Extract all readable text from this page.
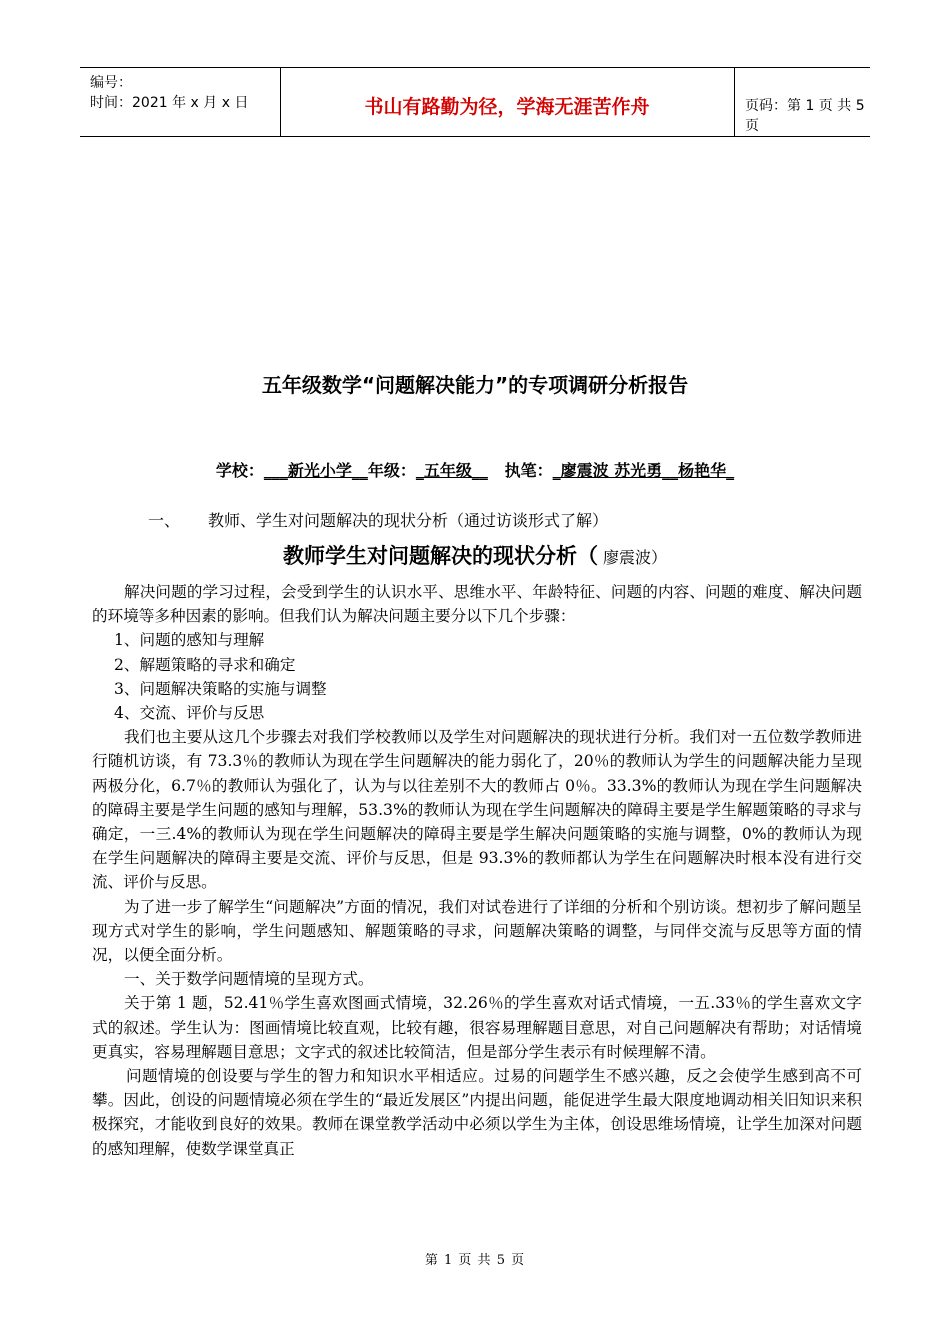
编号：
时间：2021 年 x 月 x 日	书山有路勤为径，学海无涯苦作舟	页码：第 1 页 共 5 页
五年级数学“问题解决能力”的专项调研分析报告
学校：___新光小学__年级：_五年级__ 执笔：_廖震波 苏光勇__杨艳华_
一、 教师、学生对问题解决的现状分析（通过访谈形式了解）
教师学生对问题解决的现状分析（ 廖震波）

解决问题的学习过程，会受到学生的认识水平、思维水平、年龄特征、问题的内容、问题的难度、解决问题的环境等多种因素的影响。但我们认为解决问题主要分以下几个步骤：

1、问题的感知与理解

2、解题策略的寻求和确定

3、问题解决策略的实施与调整

4、交流、评价与反思

我们也主要从这几个步骤去对我们学校教师以及学生对问题解决的现状进行分析。我们对一五位数学教师进行随机访谈，有 73.3％的教师认为现在学生问题解决的能力弱化了，20％的教师认为学生的问题解决能力呈现两极分化，6.7％的教师认为强化了，认为与以往差别不大的教师占 0％。33.3%的教师认为现在学生问题解决的障碍主要是学生问题的感知与理解，53.3%的教师认为现在学生问题解决的障碍主要是学生解题策略的寻求与确定，一三.4%的教师认为现在学生问题解决的障碍主要是学生解决问题策略的实施与调整，0%的教师认为现在学生问题解决的障碍主要是交流、评价与反思，但是 93.3%的教师都认为学生在问题解决时根本没有进行交流、评价与反思。

为了进一步了解学生“问题解决”方面的情况，我们对试卷进行了详细的分析和个别访谈。想初步了解问题呈现方式对学生的影响，学生问题感知、解题策略的寻求，问题解决策略的调整，与同伴交流与反思等方面的情况，以便全面分析。

一、关于数学问题情境的呈现方式。

关于第 1 题，52.41％学生喜欢图画式情境，32.26％的学生喜欢对话式情境，一五.33％的学生喜欢文字式的叙述。学生认为：图画情境比较直观，比较有趣，很容易理解题目意思，对自己问题解决有帮助；对话情境更真实，容易理解题目意思；文字式的叙述比较简洁，但是部分学生表示有时候理解不清。

问题情境的创设要与学生的智力和知识水平相适应。过易的问题学生不感兴趣，反之会使学生感到高不可攀。因此，创设的问题情境必须在学生的“最近发展区”内提出问题，能促进学生最大限度地调动相关旧知识来积极探究，才能收到良好的效果。教师在课堂教学活动中必须以学生为主体，创设思维场情境，让学生加深对问题的感知理解，使数学课堂真正

第 1 页 共 5 页
